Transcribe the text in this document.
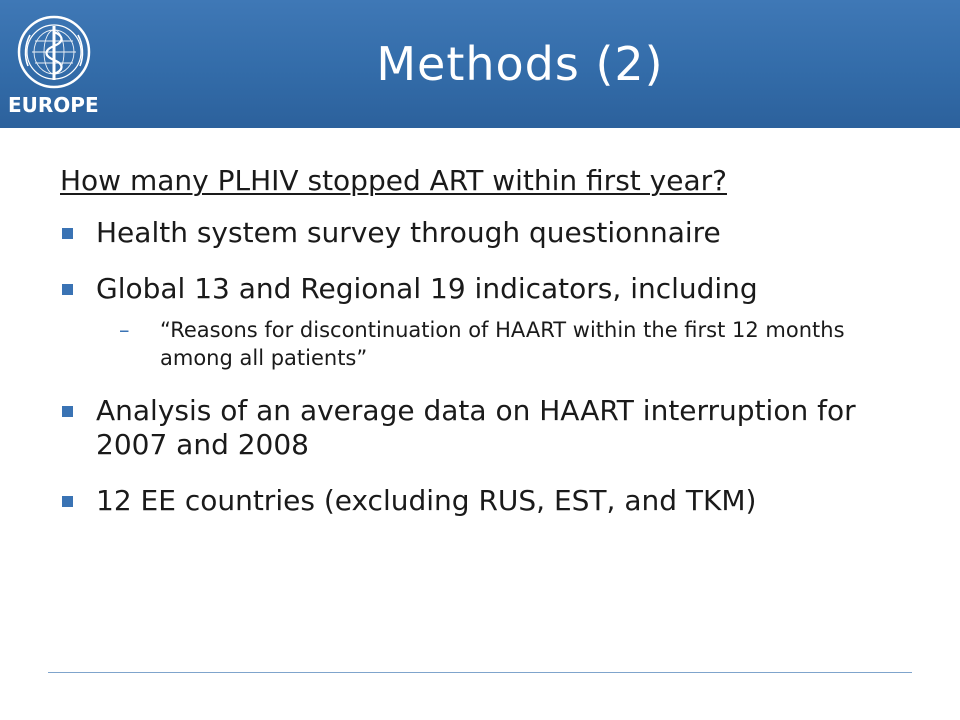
EUROPE
Methods (2)
How many PLHIV stopped ART within first year?
Health system survey through questionnaire
Global 13 and Regional 19 indicators, including
– “Reasons for discontinuation of HAART within the first 12 months among all patients”
Analysis of an average data on HAART interruption for 2007 and 2008
12 EE countries (excluding RUS, EST, and TKM)
